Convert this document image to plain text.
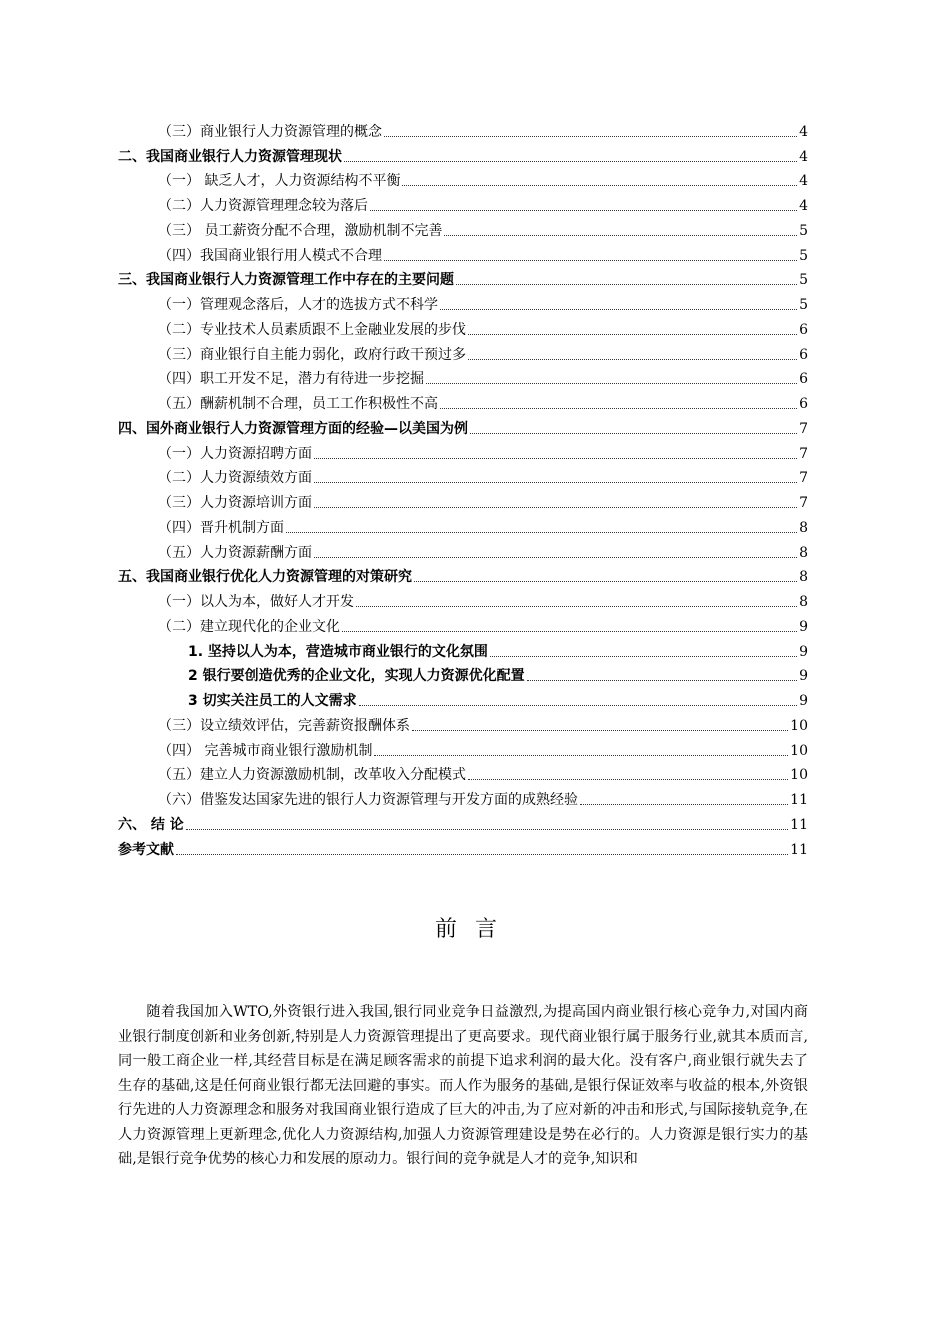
（三）商业银行人力资源管理的概念	4
二、我国商业银行人力资源管理现状	4
（一） 缺乏人才，人力资源结构不平衡	4
（二）人力资源管理理念较为落后	4
（三） 员工薪资分配不合理，激励机制不完善	5
（四）我国商业银行用人模式不合理	5
三、我国商业银行人力资源管理工作中存在的主要问题	5
（一）管理观念落后，人才的选拔方式不科学	5
（二）专业技术人员素质跟不上金融业发展的步伐	6
（三）商业银行自主能力弱化，政府行政干预过多	6
（四）职工开发不足，潜力有待进一步挖掘	6
（五）酬薪机制不合理，员工工作积极性不高	6
四、国外商业银行人力资源管理方面的经验—以美国为例	7
（一）人力资源招聘方面	7
（二）人力资源绩效方面	7
（三）人力资源培训方面	7
（四）晋升机制方面	8
（五）人力资源薪酬方面	8
五、我国商业银行优化人力资源管理的对策研究	8
（一）以人为本，做好人才开发	8
（二）建立现代化的企业文化	9
1. 坚持以人为本，营造城市商业银行的文化氛围	9
2 银行要创造优秀的企业文化，实现人力资源优化配置	9
3 切实关注员工的人文需求	9
（三）设立绩效评估，完善薪资报酬体系	10
（四） 完善城市商业银行激励机制	10
（五）建立人力资源激励机制，改革收入分配模式	10
（六）借鉴发达国家先进的银行人力资源管理与开发方面的成熟经验	11
六、 结 论	11
参考文献	11
前言
随着我国加入WTO,外资银行进入我国,银行同业竞争日益激烈,为提高国内商业银行核心竞争力,对国内商业银行制度创新和业务创新,特别是人力资源管理提出了更高要求。现代商业银行属于服务行业,就其本质而言,同一般工商企业一样,其经营目标是在满足顾客需求的前提下追求利润的最大化。没有客户,商业银行就失去了生存的基础,这是任何商业银行都无法回避的事实。而人作为服务的基础,是银行保证效率与收益的根本,外资银行先进的人力资源理念和服务对我国商业银行造成了巨大的冲击,为了应对新的冲击和形式,与国际接轨竞争,在人力资源管理上更新理念,优化人力资源结构,加强人力资源管理建设是势在必行的。人力资源是银行实力的基础,是银行竞争优势的核心力和发展的原动力。银行间的竞争就是人才的竞争,知识和
